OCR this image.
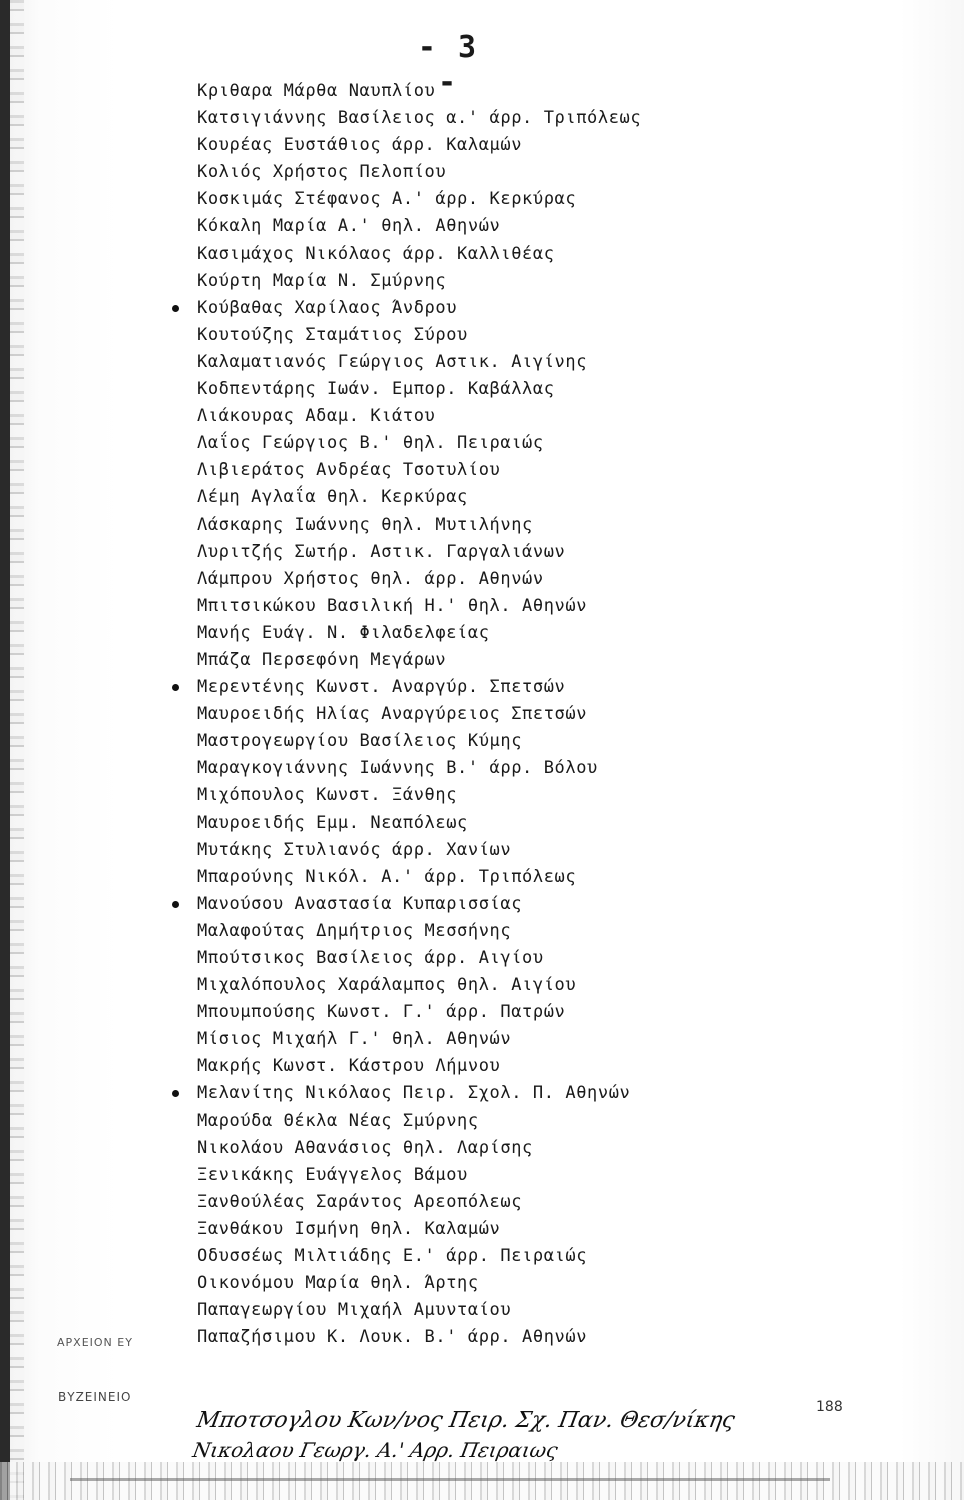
- 3 -
Κριθαρα Μάρθα Ναυπλίου
Κατσιγιάννης Βασίλειος α.' άρρ. Τριπόλεως
Κουρέας Ευστάθιος άρρ. Καλαμών
Κολιός Χρήστος Πελοπίου
Κοσκιμάς Στέφανος Α.' άρρ. Κερκύρας
Κόκαλη Μαρία Α.' θηλ. Αθηνών
Κασιμάχος Νικόλαος άρρ. Καλλιθέας
Κούρτη Μαρία Ν. Σμύρνης
Κούβαθας Χαρίλαος Άνδρου
Κουτούζης Σταμάτιος Σύρου
Καλαματιανός Γεώργιος Αστικ. Αιγίνης
Κοδπεντάρης Ιωάν. Εμπορ. Καβάλλας
Λιάκουρας Αδαμ. Κιάτου
Λαΐος Γεώργιος Β.' θηλ. Πειραιώς
Λιβιεράτος Ανδρέας Τσοτυλίου
Λέμη Αγλαΐα θηλ. Κερκύρας
Λάσκαρης Ιωάννης θηλ. Μυτιλήνης
Λυριτζής Σωτήρ. Αστικ. Γαργαλιάνων
Λάμπρου Χρήστος θηλ. άρρ. Αθηνών
Μπιτσικώκου Βασιλική Η.' θηλ. Αθηνών
Μανής Ευάγ. Ν. Φιλαδελφείας
Μπάζα Περσεφόνη Μεγάρων
Μερεντένης Κωνστ. Αναργύρ. Σπετσών
Μαυροειδής Ηλίας Αναργύρειος Σπετσών
Μαστρογεωργίου Βασίλειος Κύμης
Μαραγκογιάννης Ιωάννης Β.' άρρ. Βόλου
Μιχόπουλος Κωνστ. Ξάνθης
Μαυροειδής Εμμ. Νεαπόλεως
Μυτάκης Στυλιανός άρρ. Χανίων
Μπαρούνης Νικόλ. Α.' άρρ. Τριπόλεως
Μανούσου Αναστασία Κυπαρισσίας
Μαλαφούτας Δημήτριος Μεσσήνης
Μπούτσικος Βασίλειος άρρ. Αιγίου
Μιχαλόπουλος Χαράλαμπος θηλ. Αιγίου
Μπουμπούσης Κωνστ. Γ.' άρρ. Πατρών
Μίσιος Μιχαήλ Γ.' θηλ. Αθηνών
Μακρής Κωνστ. Κάστρου Λήμνου
Μελανίτης Νικόλαος Πειρ. Σχολ. Π. Αθηνών
Μαρούδα Θέκλα Νέας Σμύρνης
Νικολάου Αθανάσιος θηλ. Λαρίσης
Ξενικάκης Ευάγγελος Βάμου
Ξανθούλέας Σαράντος Αρεοπόλεως
Ξανθάκου Ισμήνη θηλ. Καλαμών
Οδυσσέως Μιλτιάδης Ε.' άρρ. Πειραιώς
Οικονόμου Μαρία θηλ. Άρτης
Παπαγεωργίου Μιχαήλ Αμυνταίου
Παπαζήσιμου Κ. Λουκ. Β.' άρρ. Αθηνών
ΑΡΧΕΙΟΝ ΕΥ
ΒΥΖΕΙΝΕΙΟ
188
Μποτσογλου Κων/νος Πειρ. Σχ. Παν. Θεσ/νίκης
Νικολαου Γεωργ. Α.' Αρρ. Πειραιως
